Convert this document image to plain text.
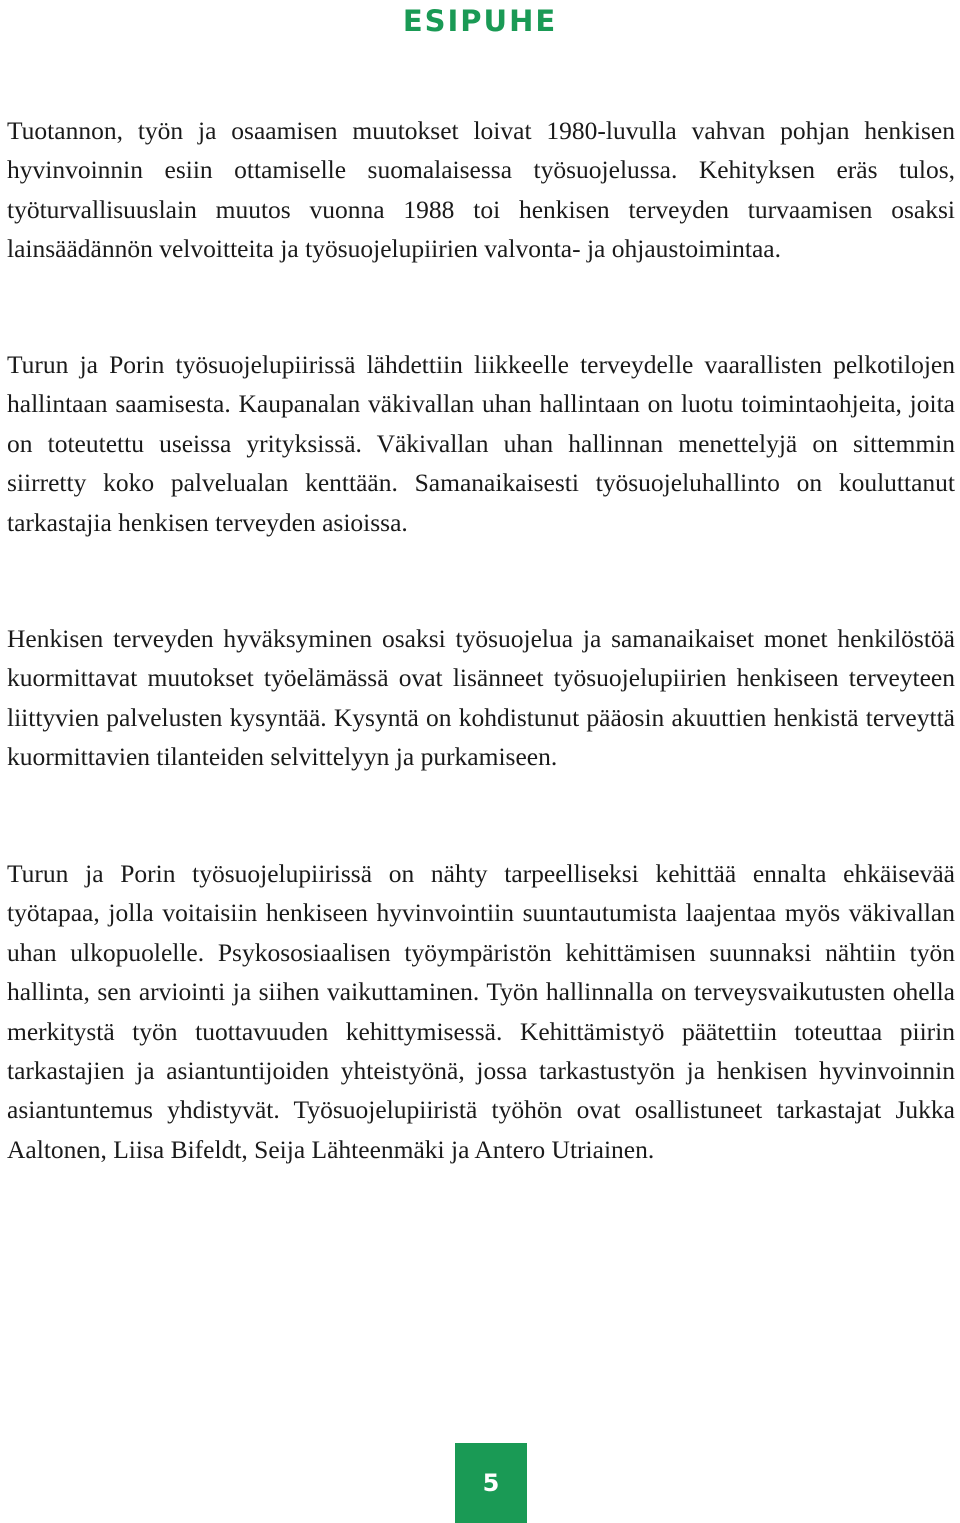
ESIPUHE

Tuotannon, työn ja osaamisen muutokset loivat 1980-luvulla vahvan pohjan henkisen hyvinvoinnin esiin ottamiselle suomalaisessa työsuojelussa. Kehityksen eräs tulos, työturvallisuuslain muutos vuonna 1988 toi henkisen terveyden turvaamisen osaksi lainsäädännön velvoitteita ja työsuojelupiirien valvonta- ja ohjaustoimintaa.

Turun ja Porin työsuojelupiirissä lähdettiin liikkeelle terveydelle vaarallisten pelkotilojen hallintaan saamisesta. Kaupanalan väkivallan uhan hallintaan on luotu toimintaohjeita, joita on toteutettu useissa yrityksissä. Väkivallan uhan hallinnan menettelyjä on sittemmin siirretty koko palvelualan kenttään. Samanaikaisesti työsuojeluhallinto on kouluttanut tarkastajia henkisen terveyden asioissa.

Henkisen terveyden hyväksyminen osaksi työsuojelua ja samanaikaiset monet henkilöstöä kuormittavat muutokset työelämässä ovat lisänneet työsuojelupiirien henkiseen terveyteen liittyvien palvelusten kysyntää. Kysyntä on kohdistunut pääosin akuuttien henkistä terveyttä kuormittavien tilanteiden selvittelyyn ja purkamiseen.

Turun ja Porin työsuojelupiirissä on nähty tarpeelliseksi kehittää ennalta ehkäisevää työtapaa, jolla voitaisiin henkiseen hyvinvointiin suuntautumista laajentaa myös väkivallan uhan ulkopuolelle. Psykososiaalisen työympäristön kehittämisen suunnaksi nähtiin työn hallinta, sen arviointi ja siihen vaikuttaminen. Työn hallinnalla on terveysvaikutusten ohella merkitystä työn tuottavuuden kehittymisessä. Kehittämistyö päätettiin toteuttaa piirin tarkastajien ja asiantuntijoiden yhteistyönä, jossa tarkastustyön ja henkisen hyvinvoinnin asiantuntemus yhdistyvät. Työsuojelupiiristä työhön ovat osallistuneet tarkastajat Jukka Aaltonen, Liisa Bifeldt, Seija Lähteenmäki ja Antero Utriainen.

5
